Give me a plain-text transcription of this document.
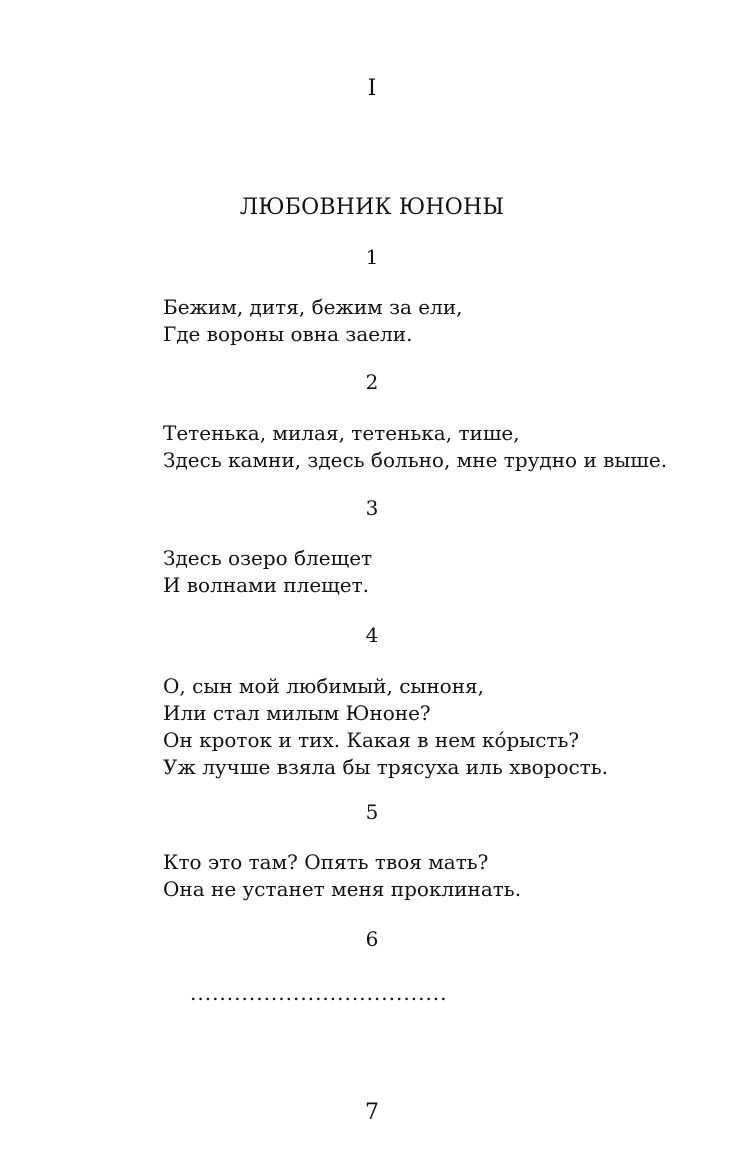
I
ЛЮБОВНИК ЮНОНЫ
1
Бежим, дитя, бежим за ели,
Где вороны овна заели.
2
Тетенька, милая, тетенька, тише,
Здесь камни, здесь больно, мне трудно и выше.
3
Здесь озеро блещет
И волнами плещет.
4
О, сын мой любимый, сыноня,
Или стал милым Юноне?
Он кроток и тих. Какая в нем ко́рысть?
Уж лучше взяла бы трясуха иль хворость.
5
Кто это там? Опять твоя мать?
Она не устанет меня проклинать.
6
...................................
7
